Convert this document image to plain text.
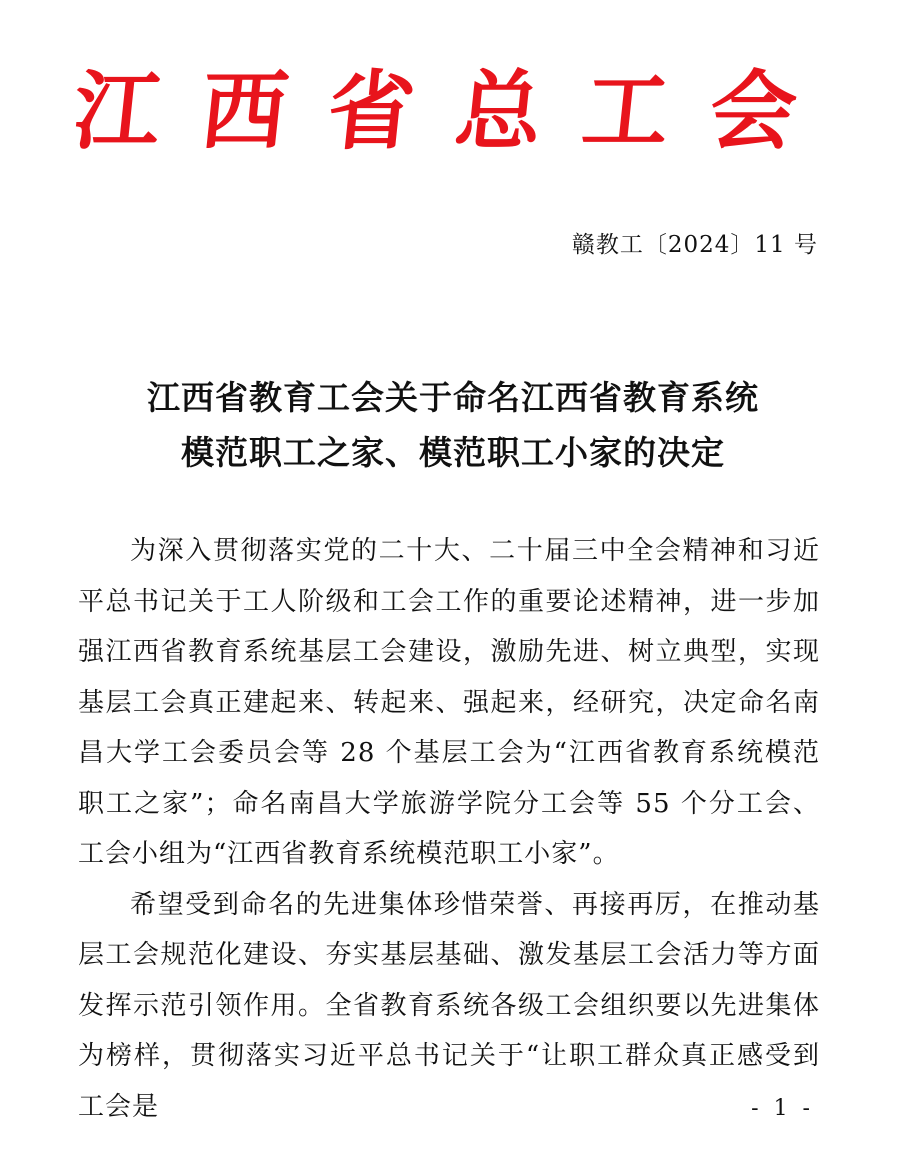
江 西 省 总 工 会
赣教工〔2024〕11 号
江西省教育工会关于命名江西省教育系统
模范职工之家、模范职工小家的决定

为深入贯彻落实党的二十大、二十届三中全会精神和习近平总书记关于工人阶级和工会工作的重要论述精神，进一步加强江西省教育系统基层工会建设，激励先进、树立典型，实现基层工会真正建起来、转起来、强起来，经研究，决定命名南昌大学工会委员会等 28 个基层工会为“江西省教育系统模范职工之家”；命名南昌大学旅游学院分工会等 55 个分工会、工会小组为“江西省教育系统模范职工小家”。

希望受到命名的先进集体珍惜荣誉、再接再厉，在推动基层工会规范化建设、夯实基层基础、激发基层工会活力等方面发挥示范引领作用。全省教育系统各级工会组织要以先进集体为榜样，贯彻落实习近平总书记关于“让职工群众真正感受到工会是	- 1 -
